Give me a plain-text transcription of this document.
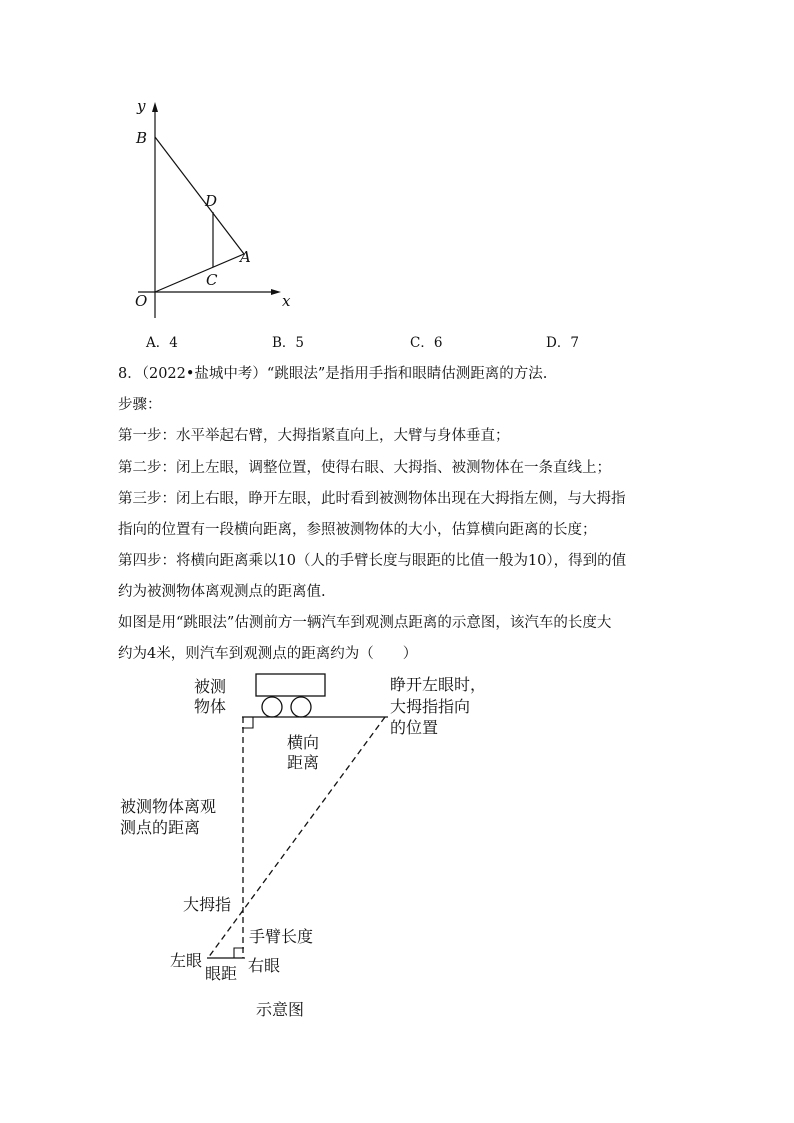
y
B
D
A
C
O	x
A．4	B．5	C．6	D．7
8．（2022•盐城中考）“跳眼法”是指用手指和眼睛估测距离的方法.
步骤：
第一步：水平举起右臂，大拇指紧直向上，大臂与身体垂直；
第二步：闭上左眼，调整位置，使得右眼、大拇指、被测物体在一条直线上；
第三步：闭上右眼，睁开左眼，此时看到被测物体出现在大拇指左侧，与大拇指
指向的位置有一段横向距离，参照被测物体的大小，估算横向距离的长度；
第四步：将横向距离乘以10（人的手臂长度与眼距的比值一般为10），得到的值
约为被测物体离观测点的距离值.
如图是用“跳眼法”估测前方一辆汽车到观测点距离的示意图，该汽车的长度大
约为4米，则汽车到观测点的距离约为（　　）
被测
物体
睁开左眼时，
大拇指指向
的位置
横向
距离
被测物体离观
测点的距离
大拇指
手臂长度
左眼
眼距 右眼
示意图
